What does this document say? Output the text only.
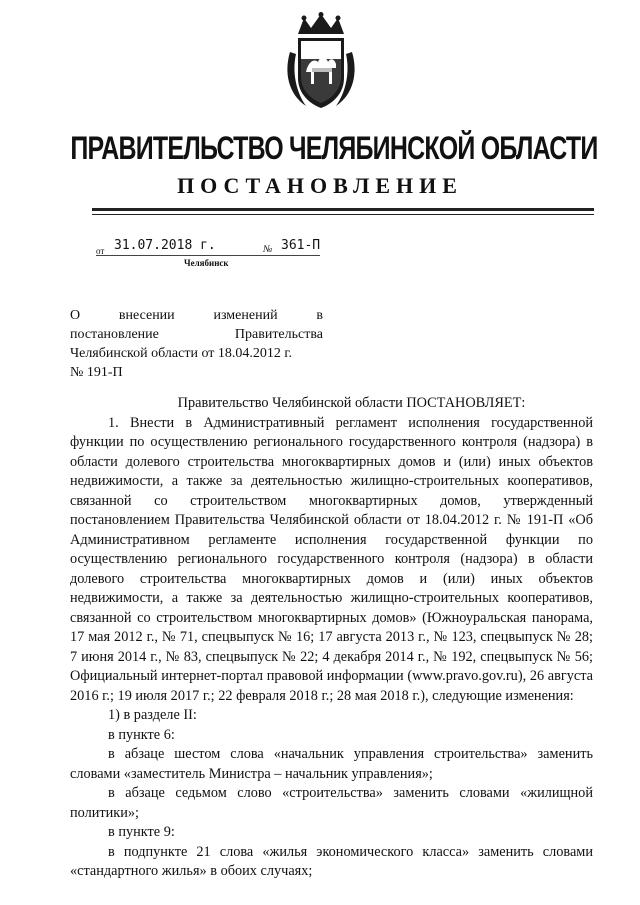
ПРАВИТЕЛЬСТВО ЧЕЛЯБИНСКОЙ ОБЛАСТИ
ПОСТАНОВЛЕНИЕ
от 31.07.2018 г.	№ 361-П
Челябинск
О внесении изменений в
постановление Правительства
Челябинской области от 18.04.2012 г.
№ 191-П

Правительство Челябинской области ПОСТАНОВЛЯЕТ:

1. Внести в Административный регламент исполнения государственной функции по осуществлению регионального государственного контроля (надзора) в области долевого строительства многоквартирных домов и (или) иных объектов недвижимости, а также за деятельностью жилищно-строительных кооперативов, связанной со строительством многоквартирных домов, утвержденный постановлением Правительства Челябинской области от 18.04.2012 г. № 191-П «Об Административном регламенте исполнения государственной функции по осуществлению регионального государственного контроля (надзора) в области долевого строительства многоквартирных домов и (или) иных объектов недвижимости, а также за деятельностью жилищно-строительных кооперативов, связанной со строительством многоквартирных домов» (Южноуральская панорама, 17 мая 2012 г., № 71, спецвыпуск № 16; 17 августа 2013 г., № 123, спецвыпуск № 28; 7 июня 2014 г., № 83, спецвыпуск № 22; 4 декабря 2014 г., № 192, спецвыпуск № 56; Официальный интернет-портал правовой информации (www.pravo.gov.ru), 26 августа 2016 г.; 19 июля 2017 г.; 22 февраля 2018 г.; 28 мая 2018 г.), следующие изменения:

1) в разделе II:

в пункте 6:

в абзаце шестом слова «начальник управления строительства» заменить словами «заместитель Министра – начальник управления»;

в абзаце седьмом слово «строительства» заменить словами «жилищной политики»;

в пункте 9:

в подпункте 21 слова «жилья экономического класса» заменить словами «стандартного жилья» в обоих случаях;
